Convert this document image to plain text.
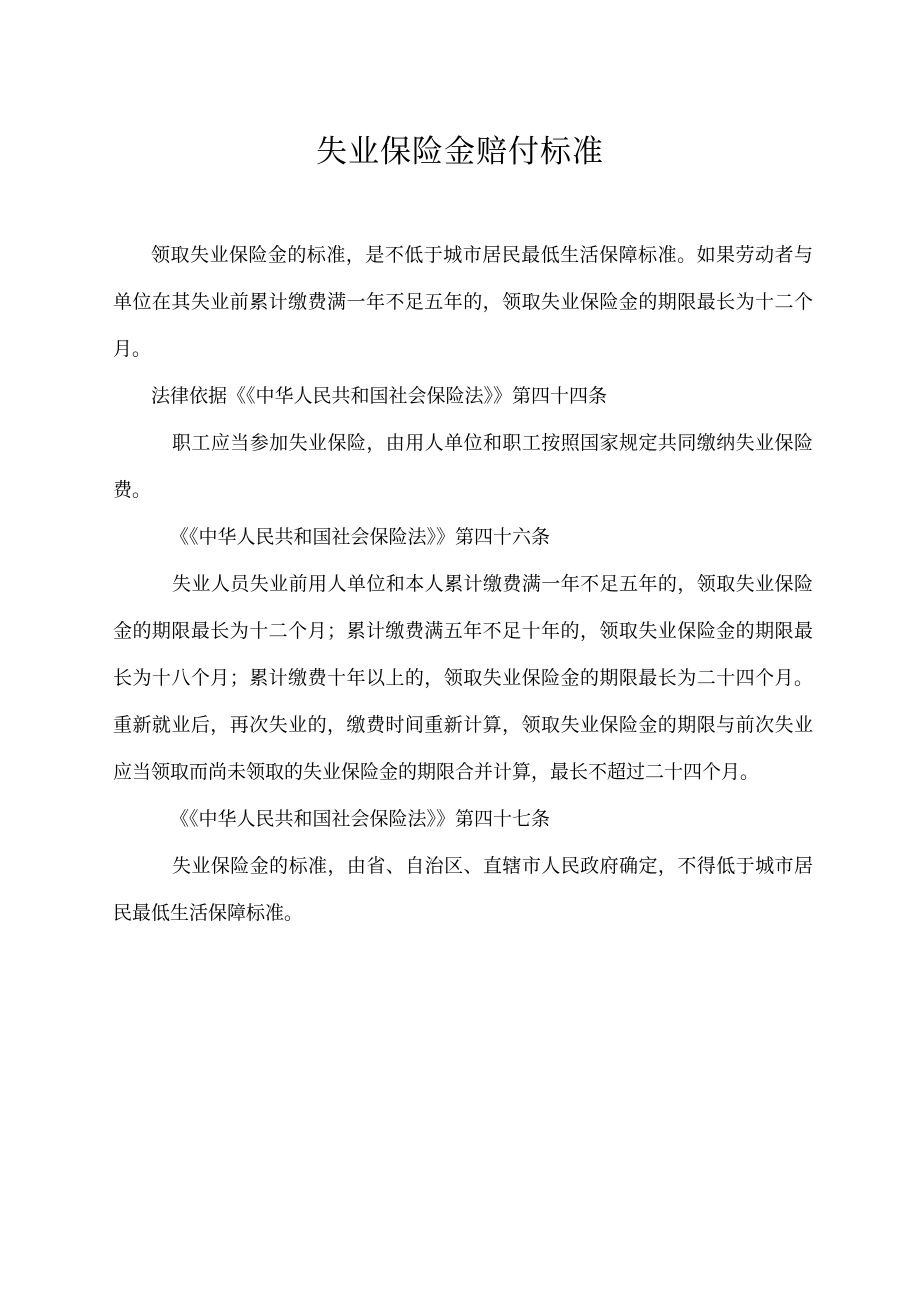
失业保险金赔付标准

领取失业保险金的标准，是不低于城市居民最低生活保障标准。如果劳动者与单位在其失业前累计缴费满一年不足五年的，领取失业保险金的期限最长为十二个月。

法律依据《《中华人民共和国社会保险法》》第四十四条

职工应当参加失业保险，由用人单位和职工按照国家规定共同缴纳失业保险费。

《《中华人民共和国社会保险法》》第四十六条

失业人员失业前用人单位和本人累计缴费满一年不足五年的，领取失业保险金的期限最长为十二个月；累计缴费满五年不足十年的，领取失业保险金的期限最长为十八个月；累计缴费十年以上的，领取失业保险金的期限最长为二十四个月。重新就业后，再次失业的，缴费时间重新计算，领取失业保险金的期限与前次失业应当领取而尚未领取的失业保险金的期限合并计算，最长不超过二十四个月。

《《中华人民共和国社会保险法》》第四十七条

失业保险金的标准，由省、自治区、直辖市人民政府确定，不得低于城市居民最低生活保障标准。
